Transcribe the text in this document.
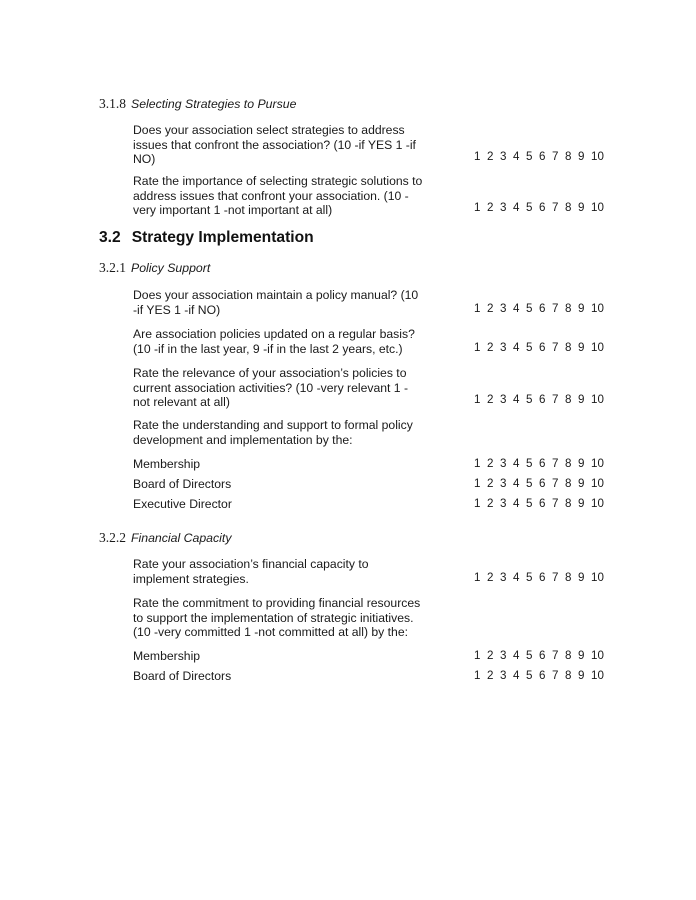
3.1.8 Selecting Strategies to Pursue
Does your association select strategies to address issues that confront the association? (10 -if YES 1 -if NO)	1 2 3 4 5 6 7 8 9 10
Rate the importance of selecting strategic solutions to address issues that confront your association. (10 -very important 1 -not important at all)	1 2 3 4 5 6 7 8 9 10
3.2 Strategy Implementation
3.2.1 Policy Support
Does your association maintain a policy manual? (10 -if YES 1 -if NO)	1 2 3 4 5 6 7 8 9 10
Are association policies updated on a regular basis? (10 -if in the last year, 9 -if in the last 2 years, etc.)	1 2 3 4 5 6 7 8 9 10
Rate the relevance of your association’s policies to current association activities? (10 -very relevant 1 -not relevant at all)	1 2 3 4 5 6 7 8 9 10
Rate the understanding and support to formal policy development and implementation by the:
Membership	1 2 3 4 5 6 7 8 9 10
Board of Directors	1 2 3 4 5 6 7 8 9 10
Executive Director	1 2 3 4 5 6 7 8 9 10
3.2.2 Financial Capacity
Rate your association’s financial capacity to implement strategies.	1 2 3 4 5 6 7 8 9 10
Rate the commitment to providing financial resources to support the implementation of strategic initiatives. (10 -very committed 1 -not committed at all) by the:
Membership	1 2 3 4 5 6 7 8 9 10
Board of Directors	1 2 3 4 5 6 7 8 9 10
